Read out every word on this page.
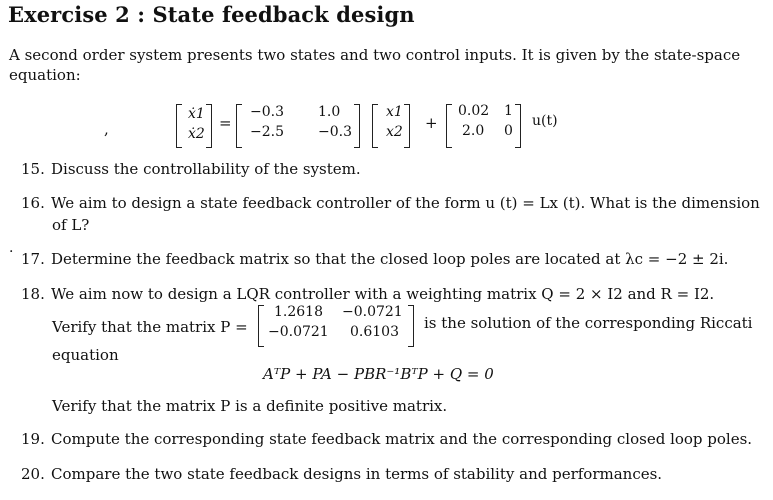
Exercise 2 : State feedback design
A second order system presents two states and two control inputs. It is given by the state-space equation:
,
ẋ1
ẋ2
=
−0.3 1.0
−2.5 −0.3
x1
x2 +
0.02 1
2.0 0
u(t)
15. Discuss the controllability of the system.
16. We aim to design a state feedback controller of the form u (t) = Lx (t). What is the dimension
of L?
· 17. Determine the feedback matrix so that the closed loop poles are located at λc = −2 ± 2i.
18. We aim now to design a LQR controller with a weighting matrix Q = 2 × I2 and R = I2.
Verify that the matrix P =
1.2618 −0.0721
−0.0721 0.6103 is the solution of the corresponding Riccati
equation
AᵀP + PA − PBR⁻¹BᵀP + Q = 0
Verify that the matrix P is a definite positive matrix.
19. Compute the corresponding state feedback matrix and the corresponding closed loop poles.
20. Compare the two state feedback designs in terms of stability and performances.
